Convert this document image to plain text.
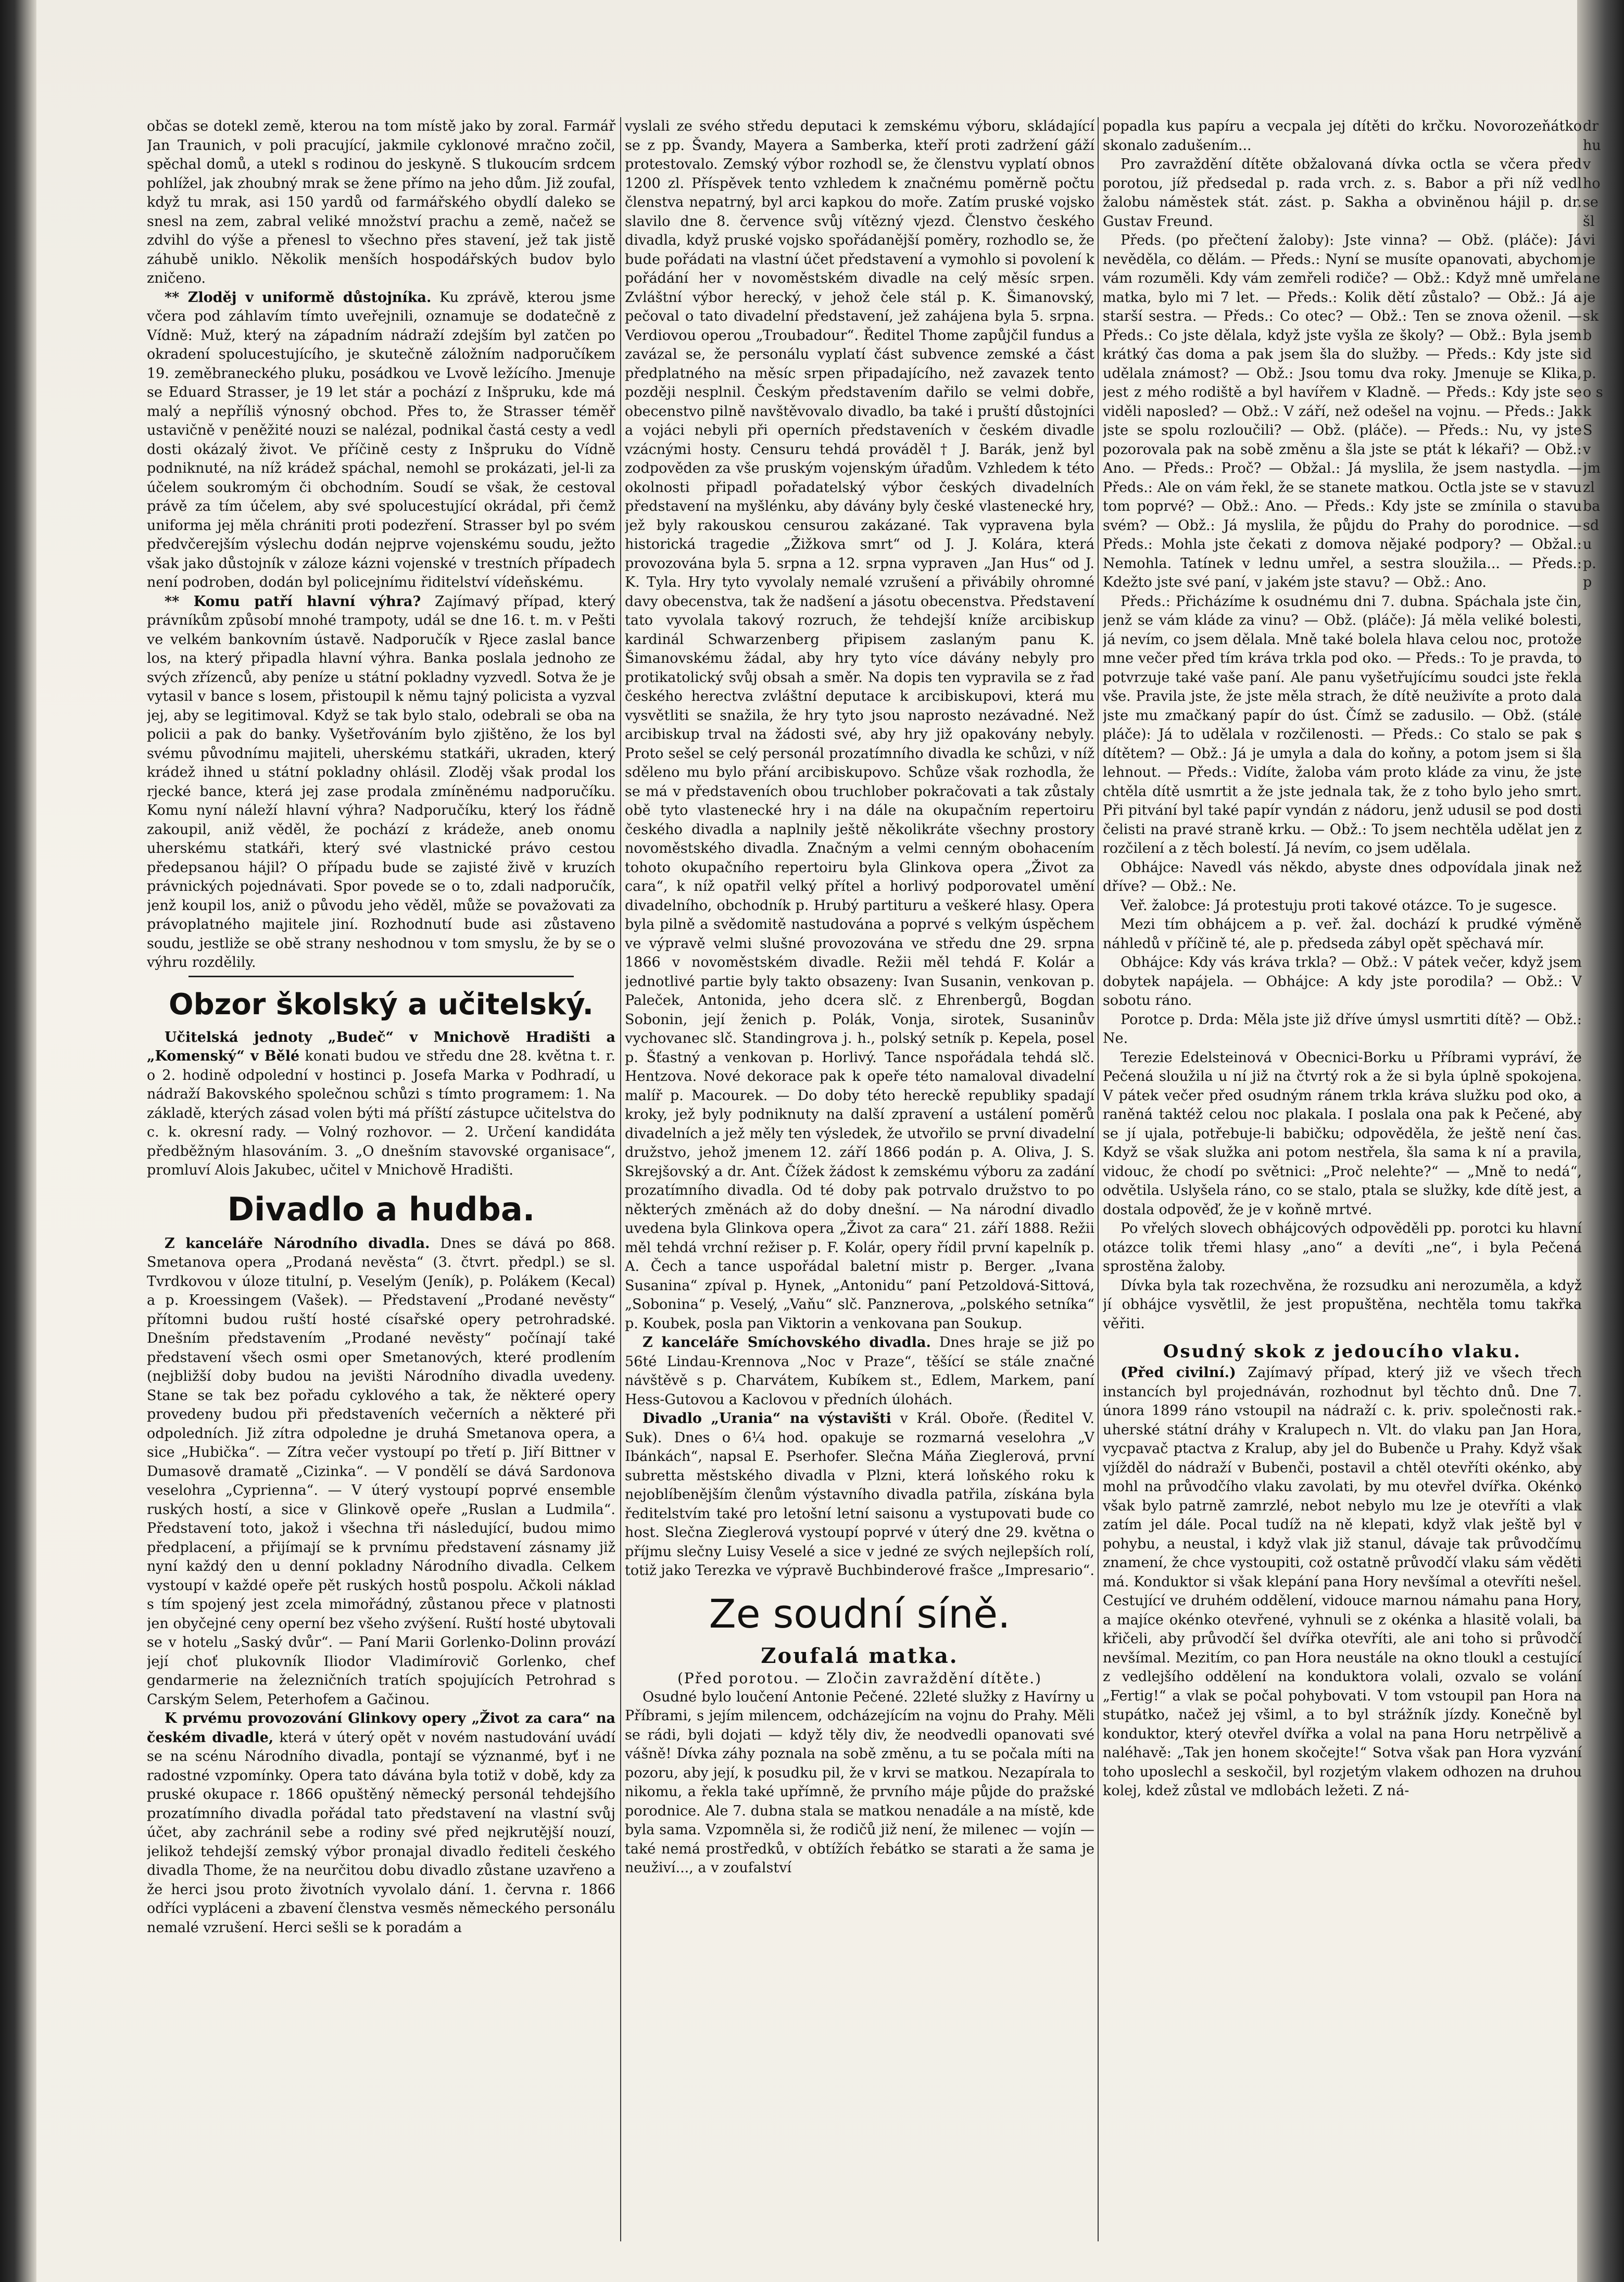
občas se dotekl země, kterou na tom místě jako by zoral. Farmář Jan Traunich, v poli pracující, jakmile cyklonové mračno zočil, spěchal domů, a utekl s rodinou do jeskyně. S tlukoucím srdcem pohlížel, jak zhoubný mrak se žene přímo na jeho dům. Již zoufal, když tu mrak, asi 150 yardů od farmářského obydlí daleko se snesl na zem, zabral veliké množství prachu a země, načež se zdvihl do výše a přenesl to všechno přes stavení, jež tak jistě záhubě uniklo. Několik menších hospodářských budov bylo zničeno.

** Zloděj v uniformě důstojníka. Ku zprávě, kterou jsme včera pod záhlavím tímto uveřejnili, oznamuje se dodatečně z Vídně: Muž, který na západním nádraží zdejším byl zatčen po okradení spolucestujícího, je skutečně záložním nadporučíkem 19. zeměbraneckého pluku, posádkou ve Lvově ležícího. Jmenuje se Eduard Strasser, je 19 let stár a pochází z Inšpruku, kde má malý a nepříliš výnosný obchod. Přes to, že Strasser téměř ustavičně v peněžité nouzi se nalézal, podnikal častá cesty a vedl dosti okázalý život. Ve příčině cesty z Inšpruku do Vídně podniknuté, na níž krádež spáchal, nemohl se prokázati, jel-li za účelem soukromým či obchodním. Soudí se však, že cestoval právě za tím účelem, aby své spolucestující okrádal, při čemž uniforma jej měla chrániti proti podezření. Strasser byl po svém předvčerejším výslechu dodán nejprve vojenskému soudu, ježto však jako důstojník v záloze kázni vojenské v trestních případech není podroben, dodán byl policejnímu řiditelství vídeňskému.

** Komu patří hlavní výhra? Zajímavý případ, který právníkům způsobí mnohé trampoty, udál se dne 16. t. m. v Pešti ve velkém bankovním ústavě. Nadporučík v Rjece zaslal bance los, na který připadla hlavní výhra. Banka poslala jednoho ze svých zřízenců, aby peníze u státní pokladny vyzvedl. Sotva že je vytasil v bance s losem, přistoupil k němu tajný policista a vyzval jej, aby se legitimoval. Když se tak bylo stalo, odebrali se oba na policii a pak do banky. Vyšetřováním bylo zjištěno, že los byl svému původnímu majiteli, uherskému statkáři, ukraden, který krádež ihned u státní pokladny ohlásil. Zloděj však prodal los rjecké bance, která jej zase prodala zmíněnému nadporučíku. Komu nyní náleží hlavní výhra? Nadporučíku, který los řádně zakoupil, aniž věděl, že pochází z krádeže, aneb onomu uherskému statkáři, který své vlastnické právo cestou předepsanou hájil? O případu bude se zajisté živě v kruzích právnických pojednávati. Spor povede se o to, zdali nadporučík, jenž koupil los, aniž o původu jeho věděl, může se považovati za právoplatného majitele jiní. Rozhodnutí bude asi zůstaveno soudu, jestliže se obě strany neshodnou v tom smyslu, že by se o výhru rozdělily.

Obzor školský a učitelský.

Učitelská jednoty „Budeč“ v Mnichově Hradišti a „Komenský“ v Bělé konati budou ve středu dne 28. května t. r. o 2. hodině odpolední v hostinci p. Josefa Marka v Podhradí, u nádraží Bakovského společnou schůzi s tímto programem: 1. Na základě, kterých zásad volen býti má příští zástupce učitelstva do c. k. okresní rady. — Volný rozhovor. — 2. Určení kandidáta předběžným hlasováním. 3. „O dnešním stavovské organisace“, promluví Alois Jakubec, učitel v Mnichově Hradišti.

Divadlo a hudba.

Z kanceláře Národního divadla. Dnes se dává po 868. Smetanova opera „Prodaná nevěsta“ (3. čtvrt. předpl.) se sl. Tvrdkovou v úloze titulní, p. Veselým (Jeník), p. Polákem (Kecal) a p. Kroessingem (Vašek). — Představení „Prodané nevěsty“ přítomni budou ruští hosté císařské opery petrohradské. Dnešním představením „Prodané nevěsty“ počínají také představení všech osmi oper Smetanových, které prodlením (nejbližší doby budou na jevišti Národního divadla uvedeny. Stane se tak bez pořadu cyklového a tak, že některé opery provedeny budou při představeních večerních a některé při odpoledních. Již zítra odpoledne je druhá Smetanova opera, a sice „Hubička“. — Zítra večer vystoupí po třetí p. Jiří Bittner v Dumasově dramatě „Cizinka“. — V pondělí se dává Sardonova veselohra „Cyprienna“. — V úterý vystoupí poprvé ensemble ruských hostí, a sice v Glinkově opeře „Ruslan a Ludmila“. Představení toto, jakož i všechna tři následující, budou mimo předplacení, a přijímají se k prvnímu představení zásnamy již nyní každý den u denní pokladny Národního divadla. Celkem vystoupí v každé opeře pět ruských hostů pospolu. Ačkoli náklad s tím spojený jest zcela mimořádný, zůstanou přece v platnosti jen obyčejné ceny operní bez všeho zvýšení. Ruští hosté ubytovali se v hotelu „Saský dvůr“. — Paní Marii Gorlenko-Dolinn provází její choť plukovník Iliodor Vladimírovič Gorlenko, chef gendarmerie na železničních tratích spojujících Petrohrad s Carským Selem, Peterhofem a Gačinou.

K prvému provozování Glinkovy opery „Život za cara“ na českém divadle, která v úterý opět v novém nastudování uvádí se na scénu Národního divadla, pontají se význanmé, byť i ne radostné vzpomínky. Opera tato dávána byla totiž v době, kdy za pruské okupace r. 1866 opuštěný německý personál tehdejšího prozatímního divadla pořádal tato představení na vlastní svůj účet, aby zachránil sebe a rodiny své před nejkrutější nouzí, jelikož tehdejší zemský výbor pronajal divadlo řediteli českého divadla Thome, že na neurčitou dobu divadlo zůstane uzavřeno a že herci jsou proto životních vyvolalo dání. 1. června r. 1866 odříci vypláceni a zbavení členstva vesměs německého personálu nemalé vzrušení. Herci sešli se k poradám a

vyslali ze svého středu deputaci k zemskému výboru, skládající se z pp. Švandy, Mayera a Samberka, kteří proti zadržení gáží protestovalo. Zemský výbor rozhodl se, že členstvu vyplatí obnos 1200 zl. Příspěvek tento vzhledem k značnému poměrně počtu členstva nepatrný, byl arci kapkou do moře. Zatím pruské vojsko slavilo dne 8. července svůj vítězný vjezd. Členstvo českého divadla, když pruské vojsko spořádanější poměry, rozhodlo se, že bude pořádati na vlastní účet představení a vymohlo si povolení k pořádání her v novoměstském divadle na celý měsíc srpen. Zvláštní výbor herecký, v jehož čele stál p. K. Šimanovský, pečoval o tato divadelní představení, jež zahájena byla 5. srpna. Verdiovou operou „Troubadour“. Ředitel Thome zapůjčil fundus a zavázal se, že personálu vyplatí část subvence zemské a část předplatného na měsíc srpen připadajícího, než zavazek tento později nesplnil. Českým představením dařilo se velmi dobře, obecenstvo pilně navštěvovalo divadlo, ba také i pruští důstojníci a vojáci nebyli při operních představeních v českém divadle vzácnými hosty. Censuru tehdá prováděl † J. Barák, jenž byl zodpověden za vše pruským vojenským úřadům. Vzhledem k této okolnosti připadl pořadatelský výbor českých divadelních představení na myšlénku, aby dávány byly české vlastenecké hry, jež byly rakouskou censurou zakázané. Tak vypravena byla historická tragedie „Žižkova smrt“ od J. J. Kolára, která provozována byla 5. srpna a 12. srpna vypraven „Jan Hus“ od J. K. Tyla. Hry tyto vyvolaly nemalé vzrušení a přivábily ohromné davy obecenstva, tak že nadšení a jásotu obecenstva. Představení tato vyvolala takový rozruch, že tehdejší kníže arcibiskup kardinál Schwarzenberg připisem zaslaným panu K. Šimanovskému žádal, aby hry tyto více dávány nebyly pro protikatolický svůj obsah a směr. Na dopis ten vypravila se z řad českého herectva zvláštní deputace k arcibiskupovi, která mu vysvětliti se snažila, že hry tyto jsou naprosto nezávadné. Než arcibiskup trval na žádosti své, aby hry již opakovány nebyly. Proto sešel se celý personál prozatímního divadla ke schůzi, v níž sděleno mu bylo přání arcibiskupovo. Schůze však rozhodla, že se má v představeních obou truchlober pokračovati a tak zůstaly obě tyto vlastenecké hry i na dále na okupačním repertoiru českého divadla a naplnily ještě několikráte všechny prostory novoměstského divadla. Značným a velmi cenným obohacením tohoto okupačního repertoiru byla Glinkova opera „Život za cara“, k níž opatřil velký přítel a horlivý podporovatel umění divadelního, obchodník p. Hrubý partituru a veškeré hlasy. Opera byla pilně a svědomitě nastudována a poprvé s velkým úspěchem ve výpravě velmi slušné provozována ve středu dne 29. srpna 1866 v novoměstském divadle. Režii měl tehdá F. Kolár a jednotlivé partie byly takto obsazeny: Ivan Susanin, venkovan p. Paleček, Antonida, jeho dcera slč. z Ehrenbergů, Bogdan Sobonin, její ženich p. Polák, Vonja, sirotek, Susaninův vychovanec slč. Standingrova j. h., polský setník p. Kepela, posel p. Šťastný a venkovan p. Horlivý. Tance nspořádala tehdá slč. Hentzova. Nové dekorace pak k opeře této namaloval divadelní malíř p. Macourek. — Do doby této hereckě republiky spadají kroky, jež byly podniknuty na další zpravení a ustálení poměrů divadelních a jež měly ten výsledek, že utvořilo se první divadelní družstvo, jehož jmenem 12. září 1866 podán p. A. Oliva, J. S. Skrejšovský a dr. Ant. Čížek žádost k zemskému výboru za zadání prozatímního divadla. Od té doby pak potrvalo družstvo to po některých změnách až do doby dnešní. — Na národní divadlo uvedena byla Glinkova opera „Život za cara“ 21. září 1888. Režii měl tehdá vrchní režiser p. F. Kolár, opery řídil první kapelník p. A. Čech a tance uspořádal baletní mistr p. Berger. „Ivana Susanina“ zpíval p. Hynek, „Antonidu“ paní Petzoldová-Sittová, „Sobonina“ p. Veselý, „Vaňu“ slč. Panznerova, „polského setníka“ p. Koubek, posla pan Viktorin a venkovana pan Soukup.

Z kanceláře Smíchovského divadla. Dnes hraje se již po 56té Lindau-Krennova „Noc v Praze“, těšící se stále značné návštěvě s p. Charvátem, Kubíkem st., Edlem, Markem, paní Hess-Gutovou a Kaclovou v předních úlohách.

Divadlo „Urania“ na výstavišti v Král. Oboře. (Ředitel V. Suk). Dnes o 6¼ hod. opakuje se rozmarná veselohra „V Ibánkách“, napsal E. Pserhofer. Slečna Máňa Zieglerová, první subretta městského divadla v Plzni, která loňského roku k nejoblíbenějším členům výstavního divadla patřila, získána byla ředitelstvím také pro letošní letní saisonu a vystupovati bude co host. Slečna Zieglerová vystoupí poprvé v úterý dne 29. května o příjmu slečny Luisy Veselé a sice v jedné ze svých nejlepších rolí, totiž jako Terezka ve výpravě Buchbinderové frašce „Impresario“.

Ze soudní síně.
Zoufalá matka.
(Před porotou. — Zločin zavraždění dítěte.)

Osudné bylo loučení Antonie Pečené. 22leté služky z Havírny u Příbrami, s jejím milencem, odcházejícím na vojnu do Prahy. Měli se rádi, byli dojati — když těly div, že neodvedli opanovati své vášně! Dívka záhy poznala na sobě změnu, a tu se počala míti na pozoru, aby její, k posudku pil, že v krvi se matkou. Nezapírala to nikomu, a řekla také upřímně, že prvního máje půjde do pražské porodnice. Ale 7. dubna stala se matkou nenadále a na místě, kde byla sama. Vzpomněla si, že rodičů již není, že milenec — vojín — také nemá prostředků, v obtížích řebátko se starati a že sama je neuživí..., a v zoufalství

popadla kus papíru a vecpala jej dítěti do krčku. Novorozeňátko skonalo zadušením...

Pro zavraždění dítěte obžalovaná dívka octla se včera před porotou, jíž předsedal p. rada vrch. z. s. Babor a při níž vedl žalobu náměstek stát. zást. p. Sakha a obviněnou hájil p. dr. Gustav Freund.

Předs. (po přečtení žaloby): Jste vinna? — Obž. (pláče): Já nevěděla, co dělám. — Předs.: Nyní se musíte opanovati, abychom vám rozuměli. Kdy vám zemřeli rodiče? — Obž.: Když mně umřela matka, bylo mi 7 let. — Předs.: Kolik dětí zůstalo? — Obž.: Já a starší sestra. — Předs.: Co otec? — Obž.: Ten se znova oženil. — Předs.: Co jste dělala, když jste vyšla ze školy? — Obž.: Byla jsem krátký čas doma a pak jsem šla do služby. — Předs.: Kdy jste si udělala známost? — Obž.: Jsou tomu dva roky. Jmenuje se Klika, jest z mého rodiště a byl havířem v Kladně. — Předs.: Kdy jste se viděli naposled? — Obž.: V září, než odešel na vojnu. — Předs.: Jak jste se spolu rozloučili? — Obž. (pláče). — Předs.: Nu, vy jste pozorovala pak na sobě změnu a šla jste se ptát k lékaři? — Obž.: Ano. — Předs.: Proč? — Obžal.: Já myslila, že jsem nastydla. — Předs.: Ale on vám řekl, že se stanete matkou. Octla jste se v stavu tom poprvé? — Obž.: Ano. — Předs.: Kdy jste se zmínila o stavu svém? — Obž.: Já myslila, že půjdu do Prahy do porodnice. — Předs.: Mohla jste čekati z domova nějaké podpory? — Obžal.: Nemohla. Tatínek v lednu umřel, a sestra sloužila... — Předs.: Kdežto jste své paní, v jakém jste stavu? — Obž.: Ano.

Předs.: Přicházíme k osudnému dni 7. dubna. Spáchala jste čin, jenž se vám kláde za vinu? — Obž. (pláče): Já měla veliké bolesti, já nevím, co jsem dělala. Mně také bolela hlava celou noc, protože mne večer před tím kráva trkla pod oko. — Předs.: To je pravda, to potvrzuje také vaše paní. Ale panu vyšetřujícímu soudci jste řekla vše. Pravila jste, že jste měla strach, že dítě neuživíte a proto dala jste mu zmačkaný papír do úst. Čímž se zadusilo. — Obž. (stále pláče): Já to udělala v rozčilenosti. — Předs.: Co stalo se pak s dítětem? — Obž.: Já je umyla a dala do koňny, a potom jsem si šla lehnout. — Předs.: Vidíte, žaloba vám proto kláde za vinu, že jste chtěla dítě usmrtit a že jste jednala tak, že z toho bylo jeho smrt. Při pitvání byl také papír vyndán z nádoru, jenž udusil se pod dosti čelisti na pravé straně krku. — Obž.: To jsem nechtěla udělat jen z rozčilení a z těch bolestí. Já nevím, co jsem udělala.

Obhájce: Navedl vás někdo, abyste dnes odpovídala jinak než dříve? — Obž.: Ne.

Veř. žalobce: Já protestuju proti takové otázce. To je sugesce.

Mezi tím obhájcem a p. veř. žal. dochází k prudké výměně náhledů v příčině té, ale p. předseda zábyl opět spěchavá mír.

Obhájce: Kdy vás kráva trkla? — Obž.: V pátek večer, když jsem dobytek napájela. — Obhájce: A kdy jste porodila? — Obž.: V sobotu ráno.

Porotce p. Drda: Měla jste již dříve úmysl usmrtiti dítě? — Obž.: Ne.

Terezie Edelsteinová v Obecnici-Borku u Příbrami vypráví, že Pečená sloužila u ní již na čtvrtý rok a že si byla úplně spokojena. V pátek večer před osudným ránem trkla kráva služku pod oko, a raněná taktéž celou noc plakala. I poslala ona pak k Pečené, aby se jí ujala, potřebuje-li babičku; odpověděla, že ještě není čas. Když se však služka ani potom nestřela, šla sama k ní a pravila, vidouc, že chodí po světnici: „Proč nelehte?“ — „Mně to nedá“, odvětila. Uslyšela ráno, co se stalo, ptala se služky, kde dítě jest, a dostala odpověď, že je v koňně mrtvé.

Po vřelých slovech obhájcových odpověděli pp. porotci ku hlavní otázce tolik třemi hlasy „ano“ a devíti „ne“, i byla Pečená sprostěna žaloby.

Dívka byla tak rozechvěna, že rozsudku ani nerozuměla, a když jí obhájce vysvětlil, že jest propuštěna, nechtěla tomu takřka věřiti.

Osudný skok z jedoucího vlaku.

(Před civilní.) Zajímavý případ, který již ve všech třech instancích byl projednáván, rozhodnut byl těchto dnů. Dne 7. února 1899 ráno vstoupil na nádraží c. k. priv. společnosti rak.-uherské státní dráhy v Kralupech n. Vlt. do vlaku pan Jan Hora, vycpavač ptactva z Kralup, aby jel do Bubenče u Prahy. Když však vjížděl do nádraží v Bubenči, postavil a chtěl otevříti okénko, aby mohl na průvodčího vlaku zavolati, by mu otevřel dvířka. Okénko však bylo patrně zamrzlé, nebot nebylo mu lze je otevříti a vlak zatím jel dále. Pocal tudíž na ně klepati, když vlak ještě byl v pohybu, a neustal, i když vlak již stanul, dávaje tak průvodčímu znamení, že chce vystoupiti, což ostatně průvodčí vlaku sám věděti má. Konduktor si však klepání pana Hory nevšímal a otevříti nešel. Cestující ve druhém oddělení, vidouce marnou námahu pana Hory, a majíce okénko otevřené, vyhnuli se z okénka a hlasitě volali, ba křičeli, aby průvodčí šel dvířka otevříti, ale ani toho si průvodčí nevšímal. Mezitím, co pan Hora neustále na okno tloukl a cestující z vedlejšího oddělení na konduktora volali, ozvalo se volání „Fertig!“ a vlak se počal pohybovati. V tom vstoupil pan Hora na stupátko, načež jej všiml, a to byl strážník jízdy. Konečně byl konduktor, který otevřel dvířka a volal na pana Horu netrpělivě a naléhavě: „Tak jen honem skočejte!“ Sotva však pan Hora vyzvání toho uposlechl a seskočil, byl rozjetým vlakem odhozen na druhou kolej, kdež zůstal ve mdlobách ležeti. Z ná-

dr hu v ho se šl vi je ne je sk b d p. o s k S v jm zl ba sd u p. p
